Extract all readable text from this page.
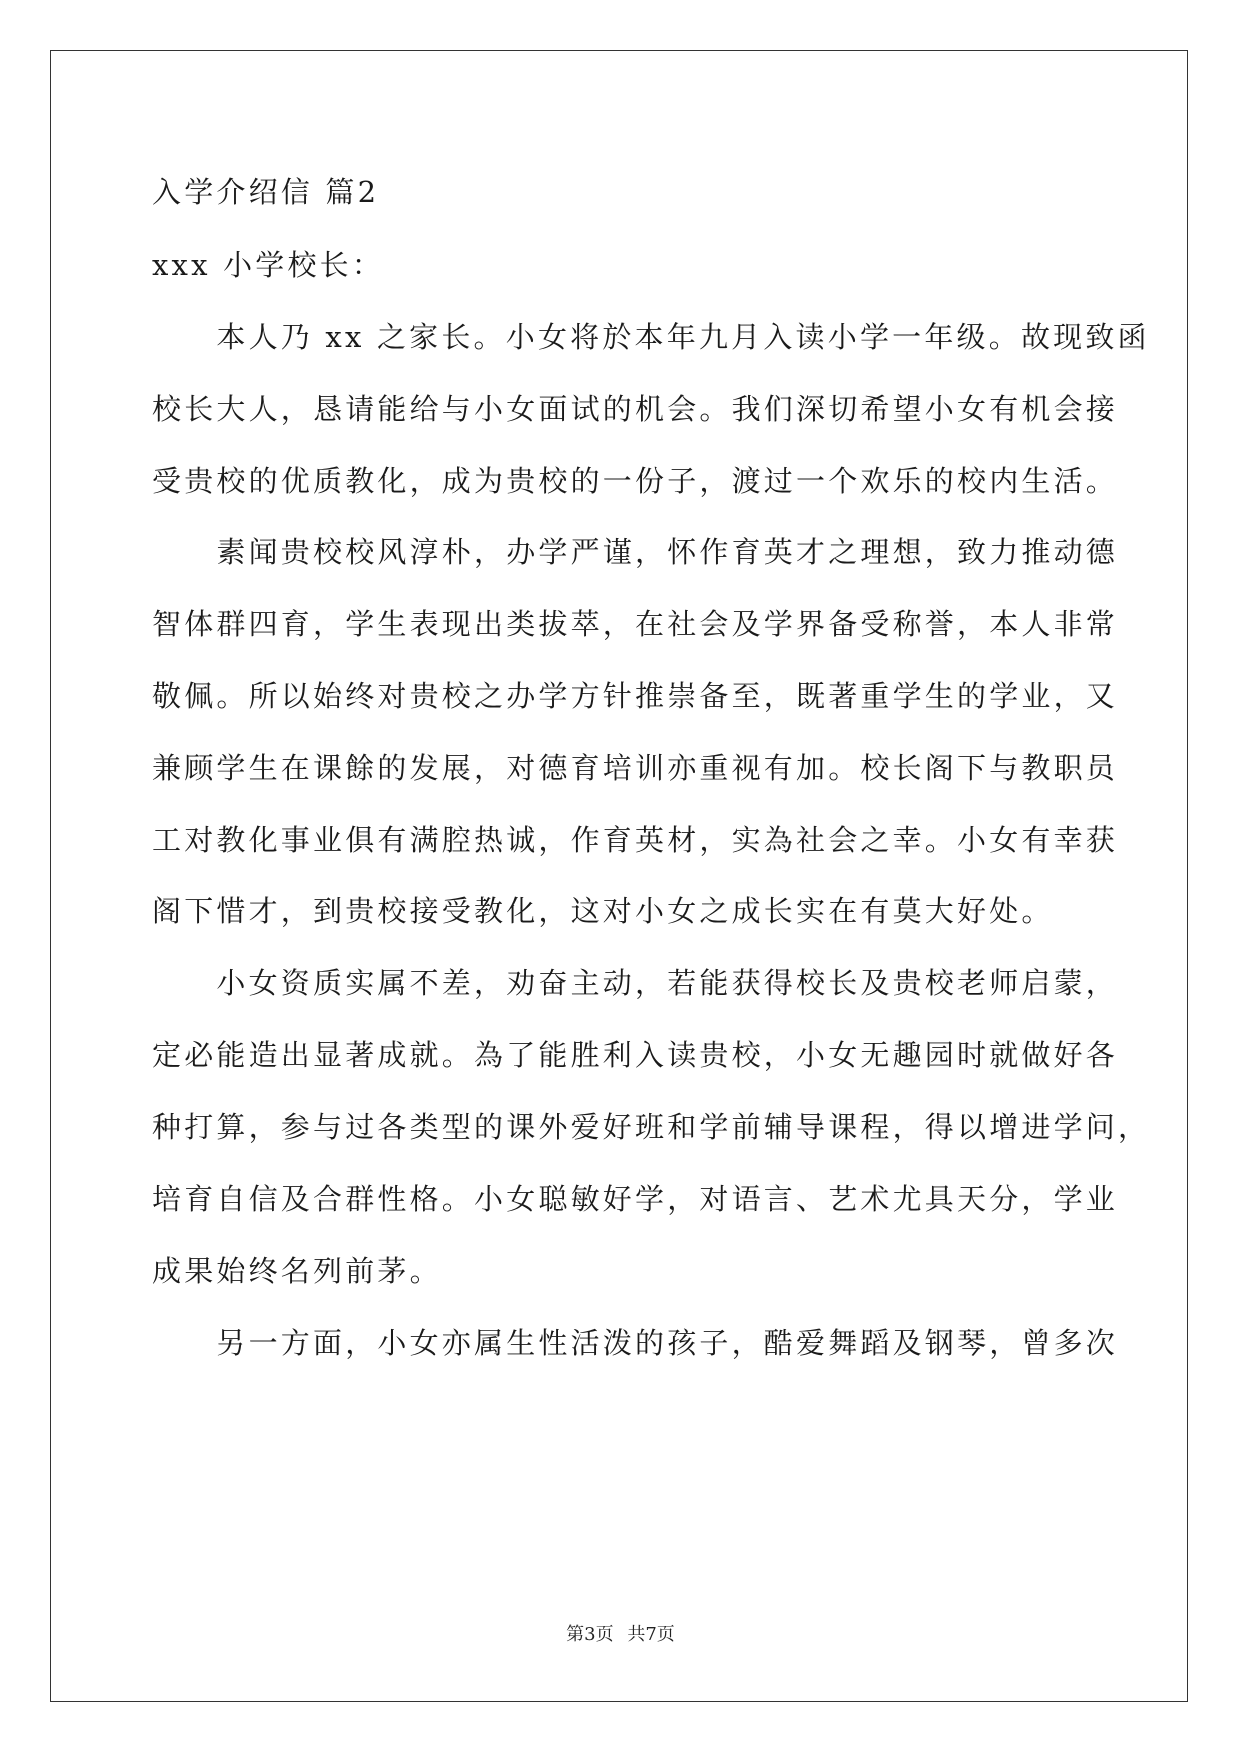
入学介绍信 篇2
xxx 小学校长：
　　本人乃 xx 之家长。小女将於本年九月入读小学一年级。故现致函
校长大人，恳请能给与小女面试的机会。我们深切希望小女有机会接
受贵校的优质教化，成为贵校的一份子，渡过一个欢乐的校内生活。
　　素闻贵校校风淳朴，办学严谨，怀作育英才之理想，致力推动德
智体群四育，学生表现出类拔萃，在社会及学界备受称誉，本人非常
敬佩。所以始终对贵校之办学方针推崇备至，既著重学生的学业，又
兼顾学生在课餘的发展，对德育培训亦重视有加。校长阁下与教职员
工对教化事业俱有满腔热诚，作育英材，实為社会之幸。小女有幸获
阁下惜才，到贵校接受教化，这对小女之成长实在有莫大好处。
　　小女资质实属不差，劝奋主动，若能获得校长及贵校老师启蒙，
定必能造出显著成就。為了能胜利入读贵校，小女无趣园时就做好各
种打算，参与过各类型的课外爱好班和学前辅导课程，得以增进学问，
培育自信及合群性格。小女聪敏好学，对语言、艺术尤具天分，学业
成果始终名列前茅。
　　另一方面，小女亦属生性活泼的孩子，酷爱舞蹈及钢琴，曾多次
第3页 共7页
